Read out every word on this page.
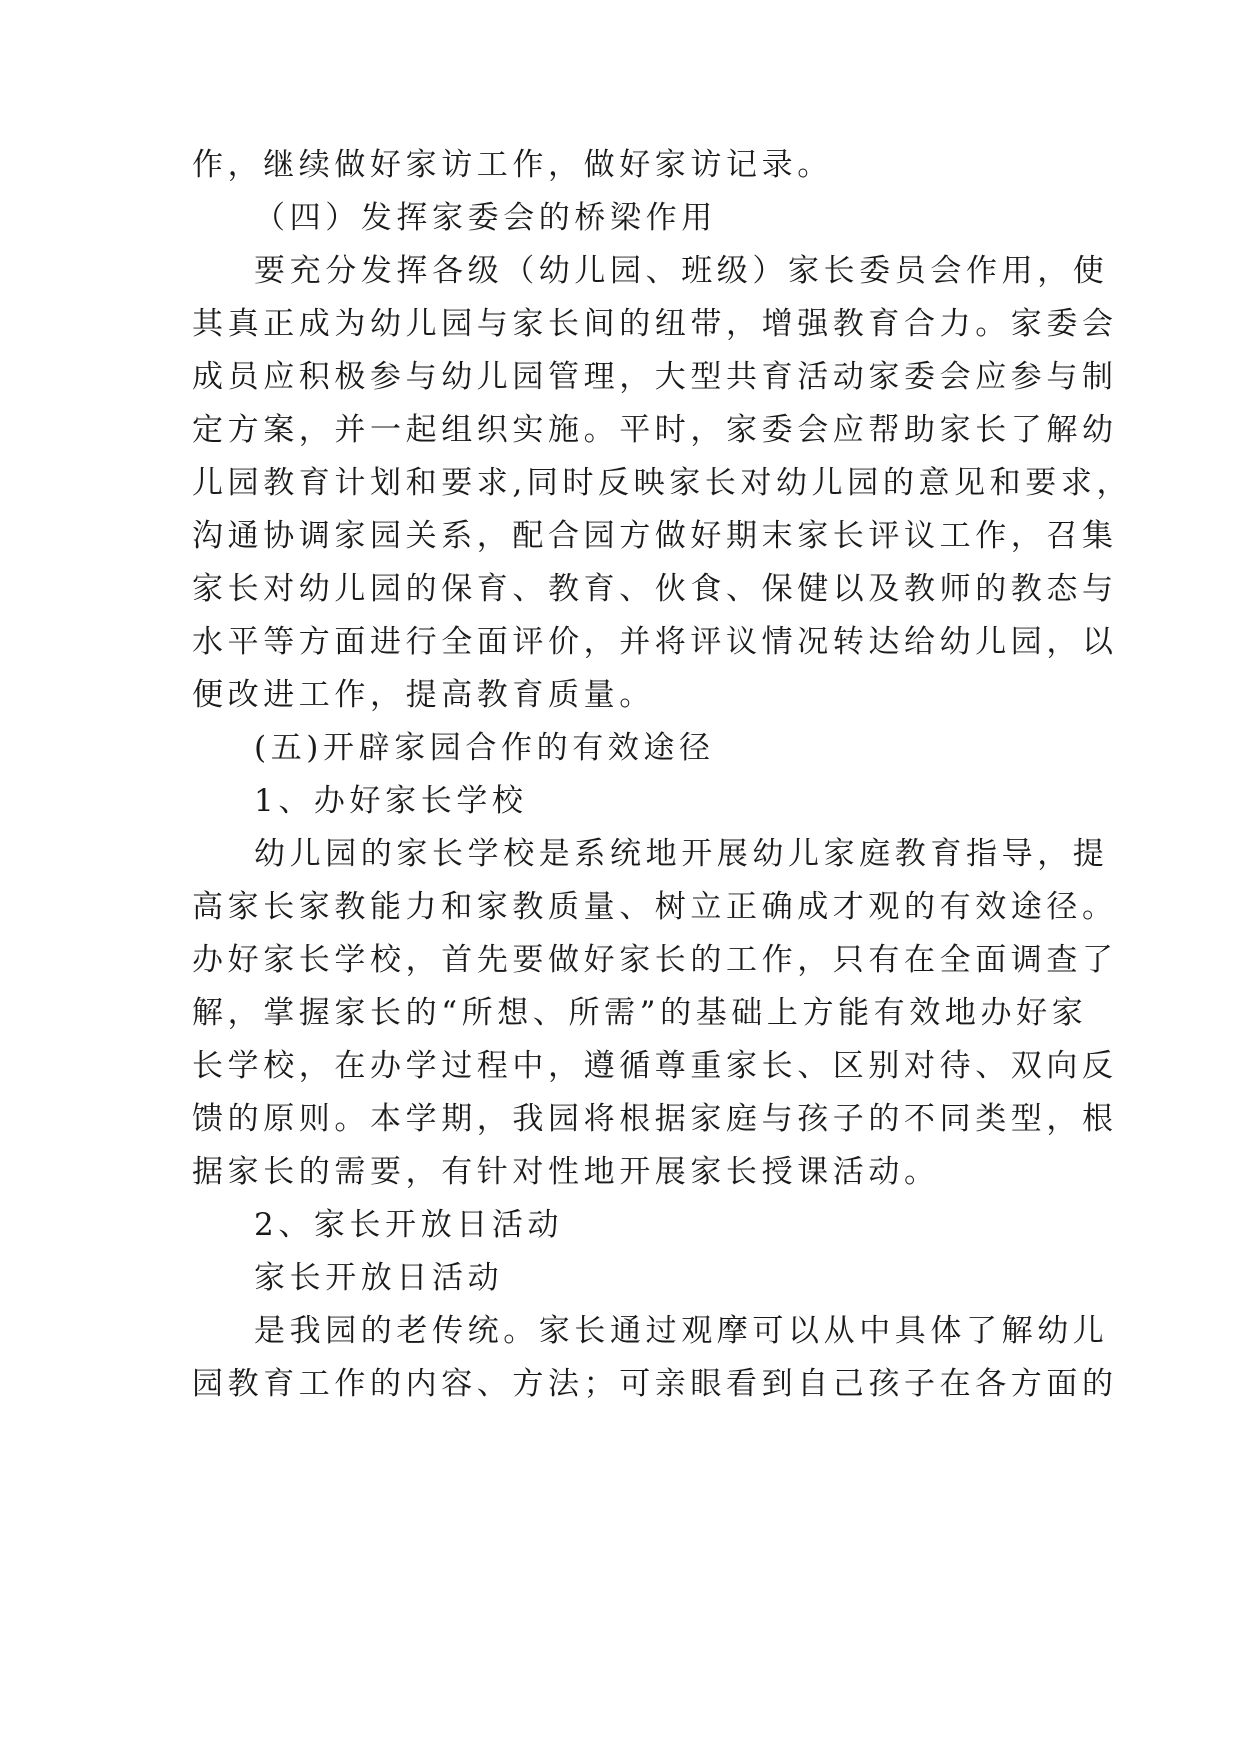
作，继续做好家访工作，做好家访记录。
（四）发挥家委会的桥梁作用
要充分发挥各级（幼儿园、班级）家长委员会作用，使
其真正成为幼儿园与家长间的纽带，增强教育合力。家委会
成员应积极参与幼儿园管理，大型共育活动家委会应参与制
定方案，并一起组织实施。平时，家委会应帮助家长了解幼
儿园教育计划和要求,同时反映家长对幼儿园的意见和要求，
沟通协调家园关系，配合园方做好期末家长评议工作，召集
家长对幼儿园的保育、教育、伙食、保健以及教师的教态与
水平等方面进行全面评价，并将评议情况转达给幼儿园，以
便改进工作，提高教育质量。
(五)开辟家园合作的有效途径
1、办好家长学校
幼儿园的家长学校是系统地开展幼儿家庭教育指导，提
高家长家教能力和家教质量、树立正确成才观的有效途径。
办好家长学校，首先要做好家长的工作，只有在全面调查了
解，掌握家长的“所想、所需”的基础上方能有效地办好家
长学校，在办学过程中，遵循尊重家长、区别对待、双向反
馈的原则。本学期，我园将根据家庭与孩子的不同类型，根
据家长的需要，有针对性地开展家长授课活动。
2、家长开放日活动
家长开放日活动
是我园的老传统。家长通过观摩可以从中具体了解幼儿
园教育工作的内容、方法；可亲眼看到自己孩子在各方面的
